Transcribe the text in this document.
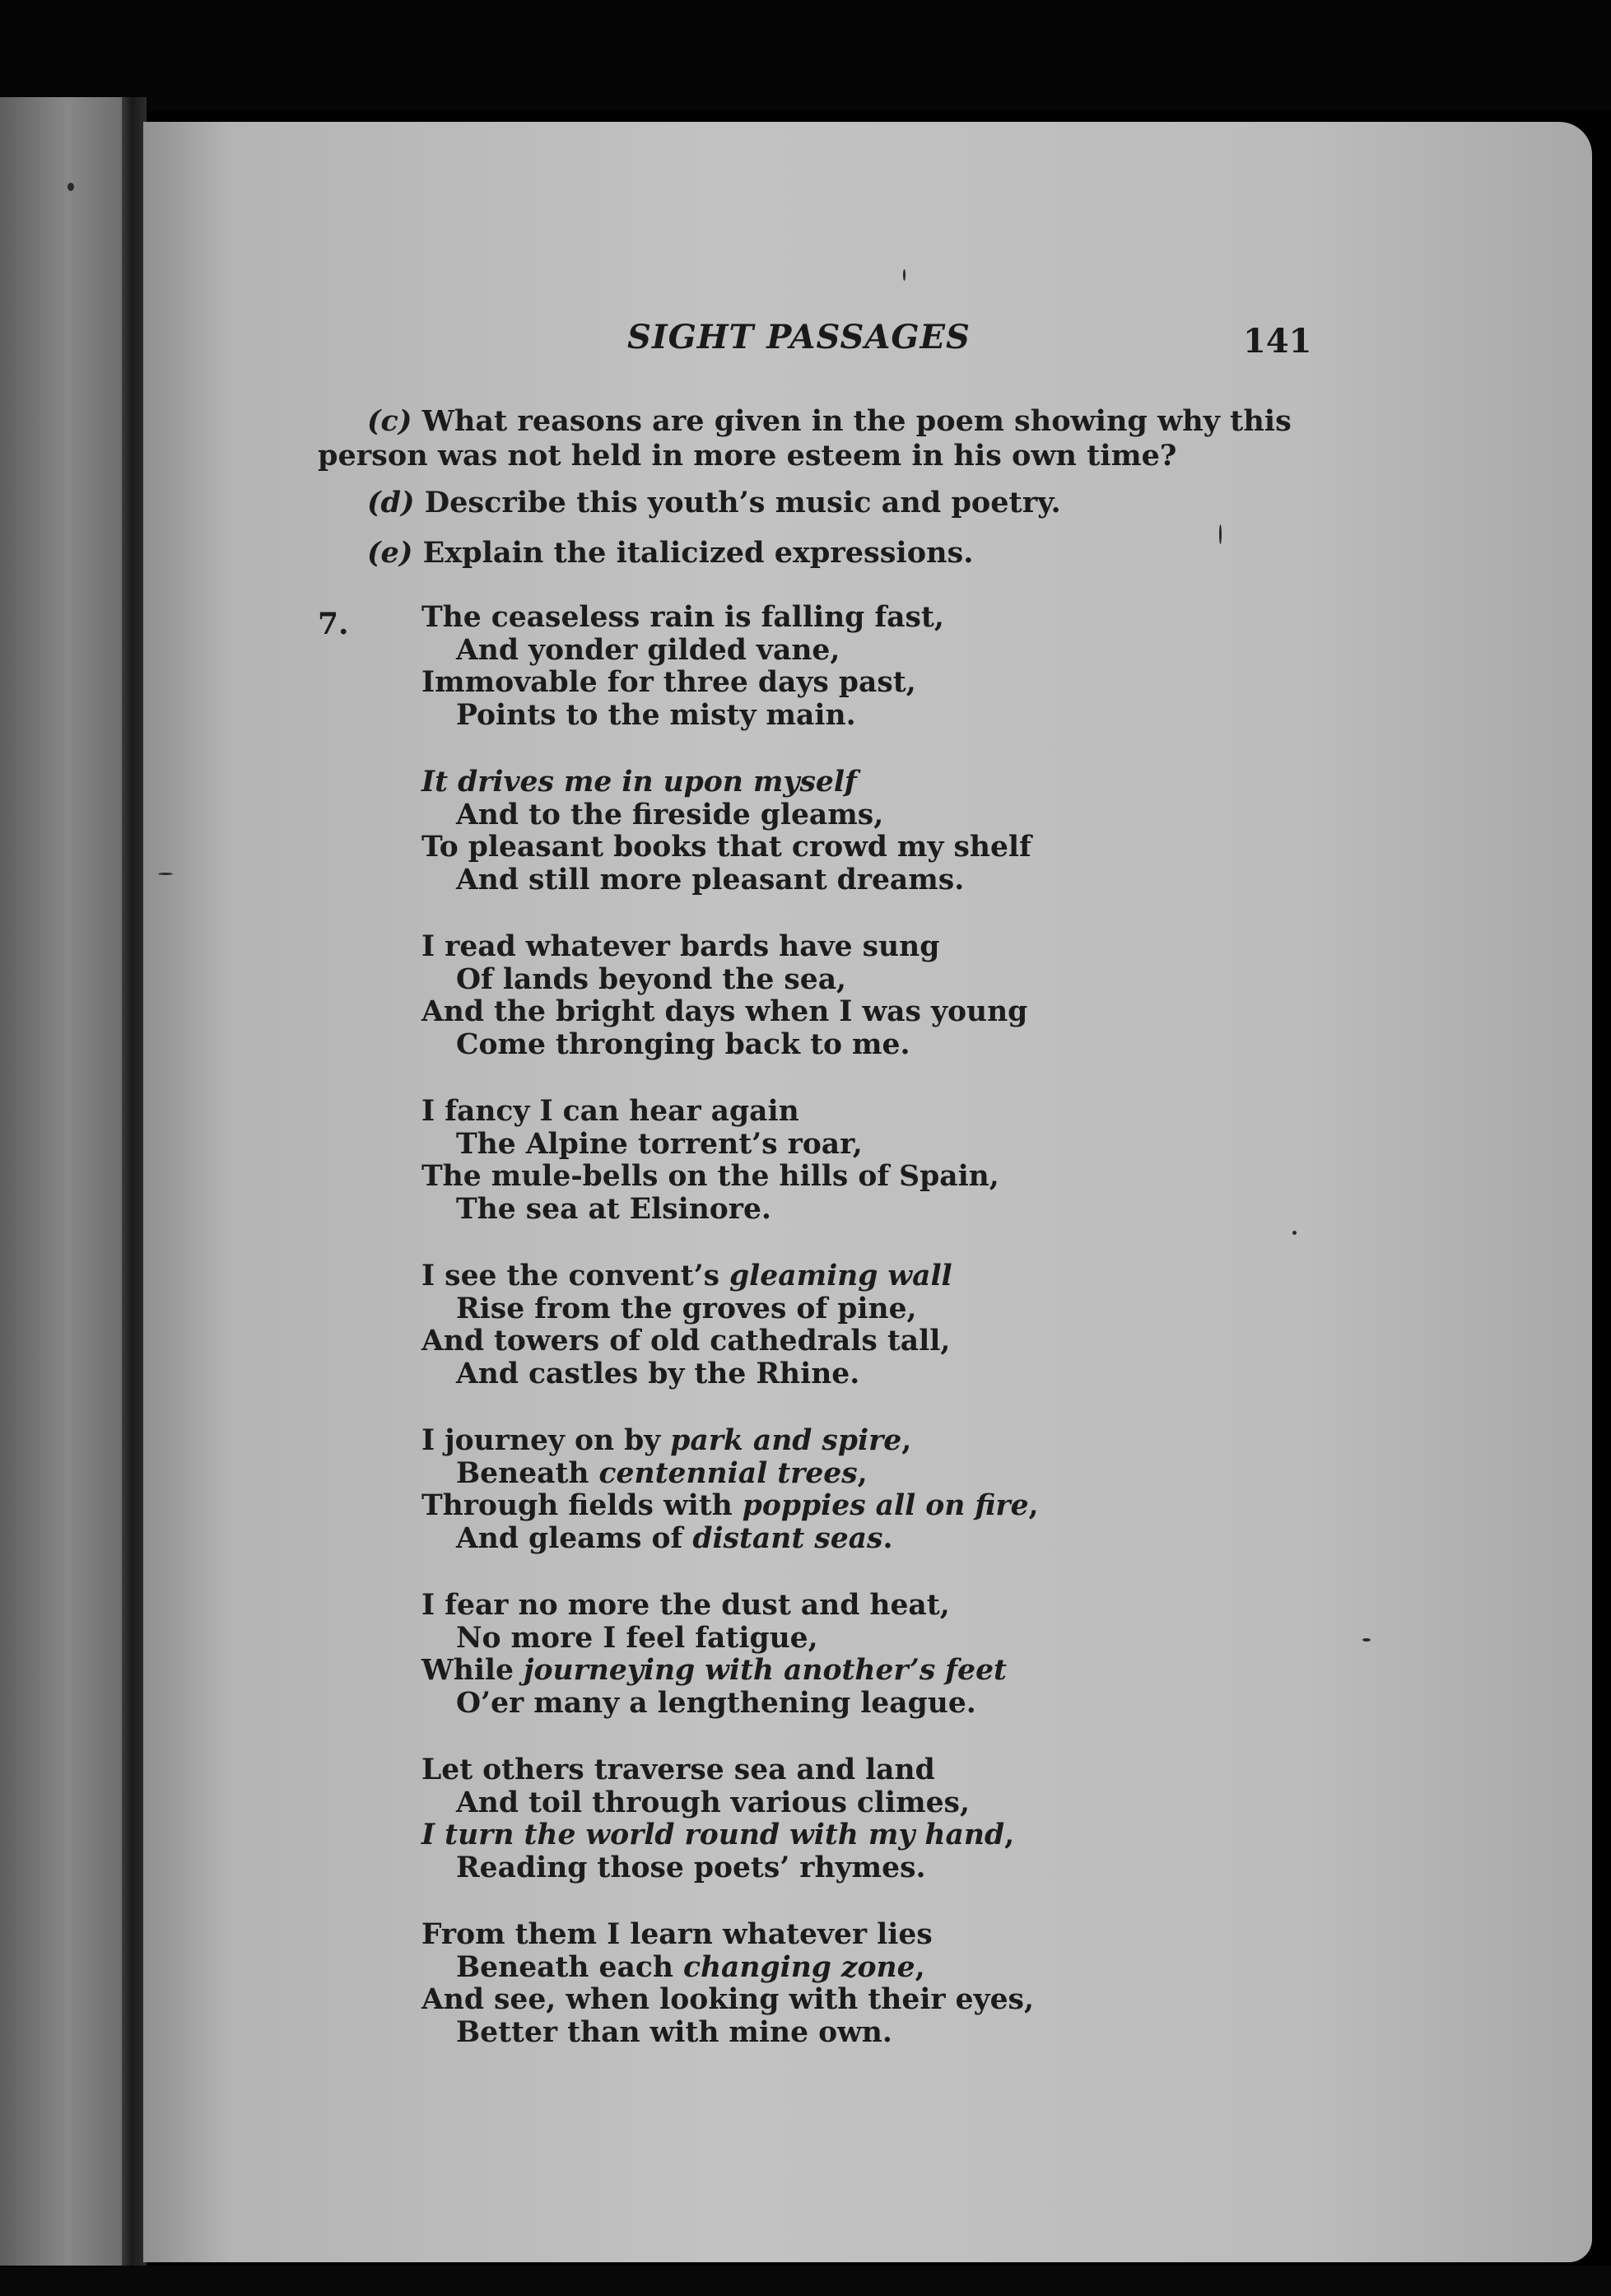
SIGHT PASSAGES	141
(c) What reasons are given in the poem showing why this
person was not held in more esteem in his own time?
(d) Describe this youth’s music and poetry.
(e) Explain the italicized expressions.
7.	The ceaseless rain is falling fast,
And yonder gilded vane,
Immovable for three days past,
Points to the misty main.
It drives me in upon myself
And to the fireside gleams,
To pleasant books that crowd my shelf
And still more pleasant dreams.
I read whatever bards have sung
Of lands beyond the sea,
And the bright days when I was young
Come thronging back to me.
I fancy I can hear again
The Alpine torrent’s roar,
The mule-bells on the hills of Spain,
The sea at Elsinore.
I see the convent’s gleaming wall
Rise from the groves of pine,
And towers of old cathedrals tall,
And castles by the Rhine.
I journey on by park and spire,
Beneath centennial trees,
Through fields with poppies all on fire,
And gleams of distant seas.
I fear no more the dust and heat,
No more I feel fatigue,
While journeying with another’s feet
O’er many a lengthening league.
Let others traverse sea and land
And toil through various climes,
I turn the world round with my hand,
Reading those poets’ rhymes.
From them I learn whatever lies
Beneath each changing zone,
And see, when looking with their eyes,
Better than with mine own.
